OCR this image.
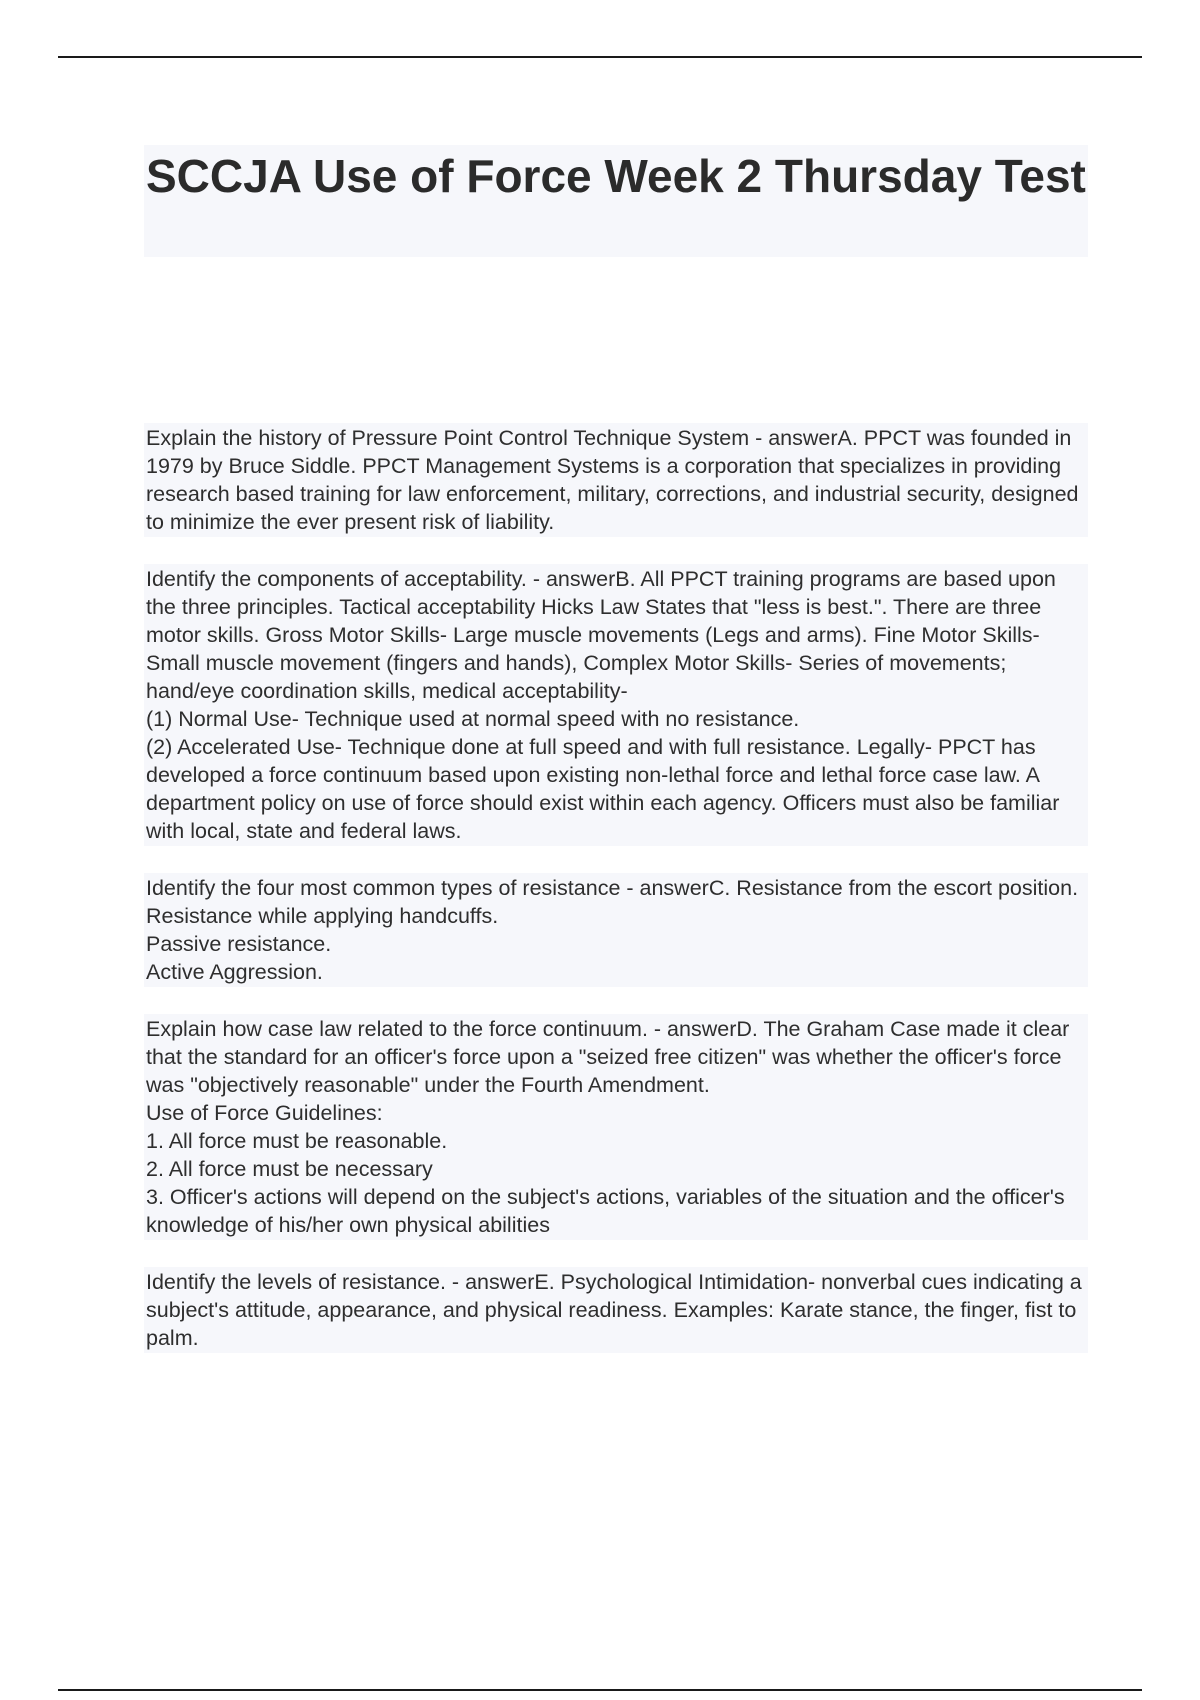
SCCJA Use of Force Week 2 Thursday Test
Explain the history of Pressure Point Control Technique System - answerA. PPCT was founded in 1979 by Bruce Siddle. PPCT Management Systems is a corporation that specializes in providing research based training for law enforcement, military, corrections, and industrial security, designed to minimize the ever present risk of liability.
Identify the components of acceptability. - answerB. All PPCT training programs are based upon the three principles. Tactical acceptability Hicks Law States that "less is best.". There are three motor skills. Gross Motor Skills- Large muscle movements (Legs and arms). Fine Motor Skills- Small muscle movement (fingers and hands), Complex Motor Skills- Series of movements; hand/eye coordination skills, medical acceptability-
(1) Normal Use- Technique used at normal speed with no resistance.
(2) Accelerated Use- Technique done at full speed and with full resistance. Legally- PPCT has developed a force continuum based upon existing non-lethal force and lethal force case law. A department policy on use of force should exist within each agency. Officers must also be familiar with local, state and federal laws.
Identify the four most common types of resistance - answerC. Resistance from the escort position.
Resistance while applying handcuffs.
Passive resistance.
Active Aggression.
Explain how case law related to the force continuum. - answerD. The Graham Case made it clear that the standard for an officer's force upon a "seized free citizen" was whether the officer's force was "objectively reasonable" under the Fourth Amendment.
Use of Force Guidelines:
1. All force must be reasonable.
2. All force must be necessary
3. Officer's actions will depend on the subject's actions, variables of the situation and the officer's knowledge of his/her own physical abilities
Identify the levels of resistance. - answerE. Psychological Intimidation- nonverbal cues indicating a subject's attitude, appearance, and physical readiness. Examples: Karate stance, the finger, fist to palm.
